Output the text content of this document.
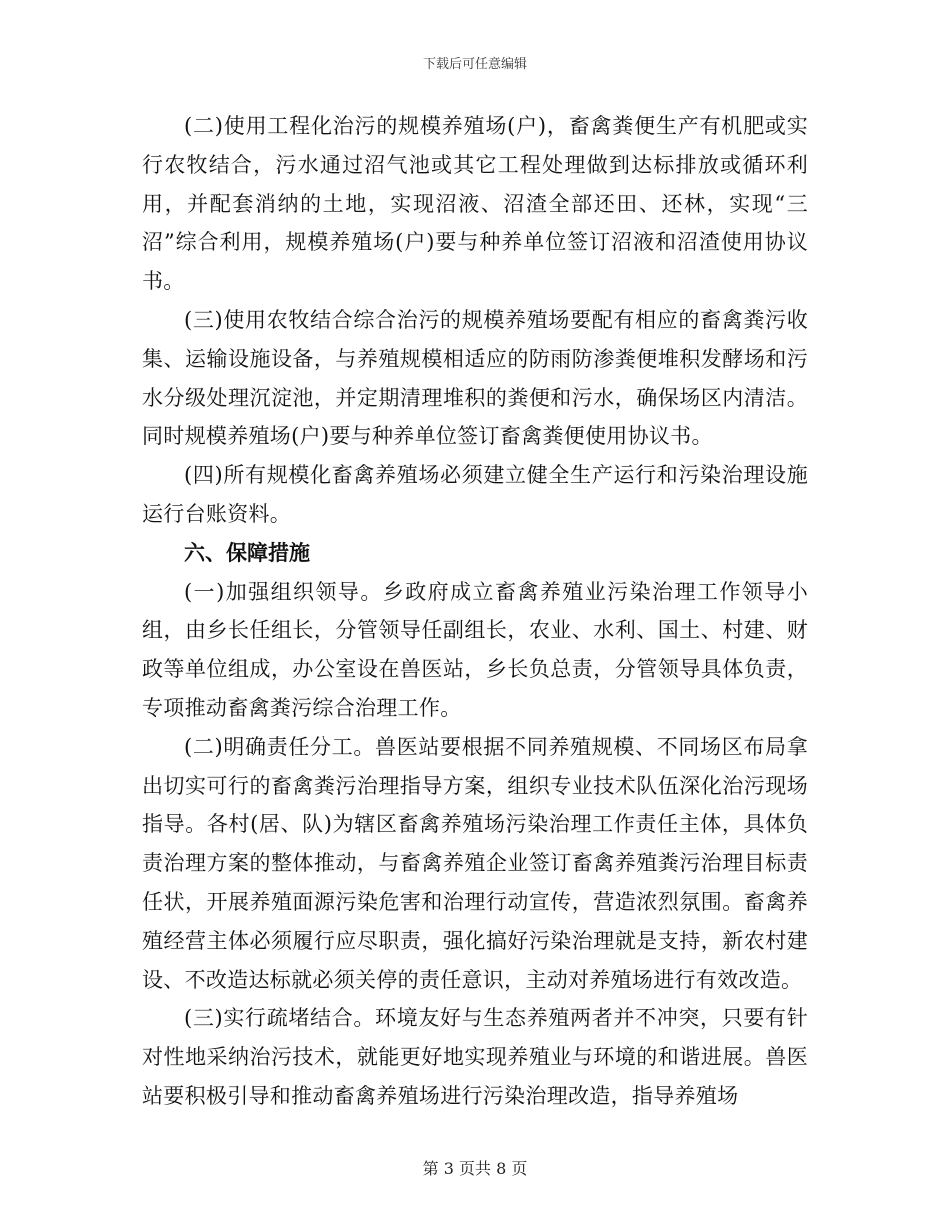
下载后可任意编辑

(二)使用工程化治污的规模养殖场(户)，畜禽粪便生产有机肥或实行农牧结合，污水通过沼气池或其它工程处理做到达标排放或循环利用，并配套消纳的土地，实现沼液、沼渣全部还田、还林，实现“三沼”综合利用，规模养殖场(户)要与种养单位签订沼液和沼渣使用协议书。

(三)使用农牧结合综合治污的规模养殖场要配有相应的畜禽粪污收集、运输设施设备，与养殖规模相适应的防雨防渗粪便堆积发酵场和污水分级处理沉淀池，并定期清理堆积的粪便和污水，确保场区内清洁。同时规模养殖场(户)要与种养单位签订畜禽粪便使用协议书。

(四)所有规模化畜禽养殖场必须建立健全生产运行和污染治理设施运行台账资料。

六、保障措施

(一)加强组织领导。乡政府成立畜禽养殖业污染治理工作领导小组，由乡长任组长，分管领导任副组长，农业、水利、国土、村建、财政等单位组成，办公室设在兽医站，乡长负总责，分管领导具体负责，专项推动畜禽粪污综合治理工作。

(二)明确责任分工。兽医站要根据不同养殖规模、不同场区布局拿出切实可行的畜禽粪污治理指导方案，组织专业技术队伍深化治污现场指导。各村(居、队)为辖区畜禽养殖场污染治理工作责任主体，具体负责治理方案的整体推动，与畜禽养殖企业签订畜禽养殖粪污治理目标责任状，开展养殖面源污染危害和治理行动宣传，营造浓烈氛围。畜禽养殖经营主体必须履行应尽职责，强化搞好污染治理就是支持，新农村建设、不改造达标就必须关停的责任意识，主动对养殖场进行有效改造。

(三)实行疏堵结合。环境友好与生态养殖两者并不冲突，只要有针对性地采纳治污技术，就能更好地实现养殖业与环境的和谐进展。兽医站要积极引导和推动畜禽养殖场进行污染治理改造，指导养殖场

第 3 页共 8 页
